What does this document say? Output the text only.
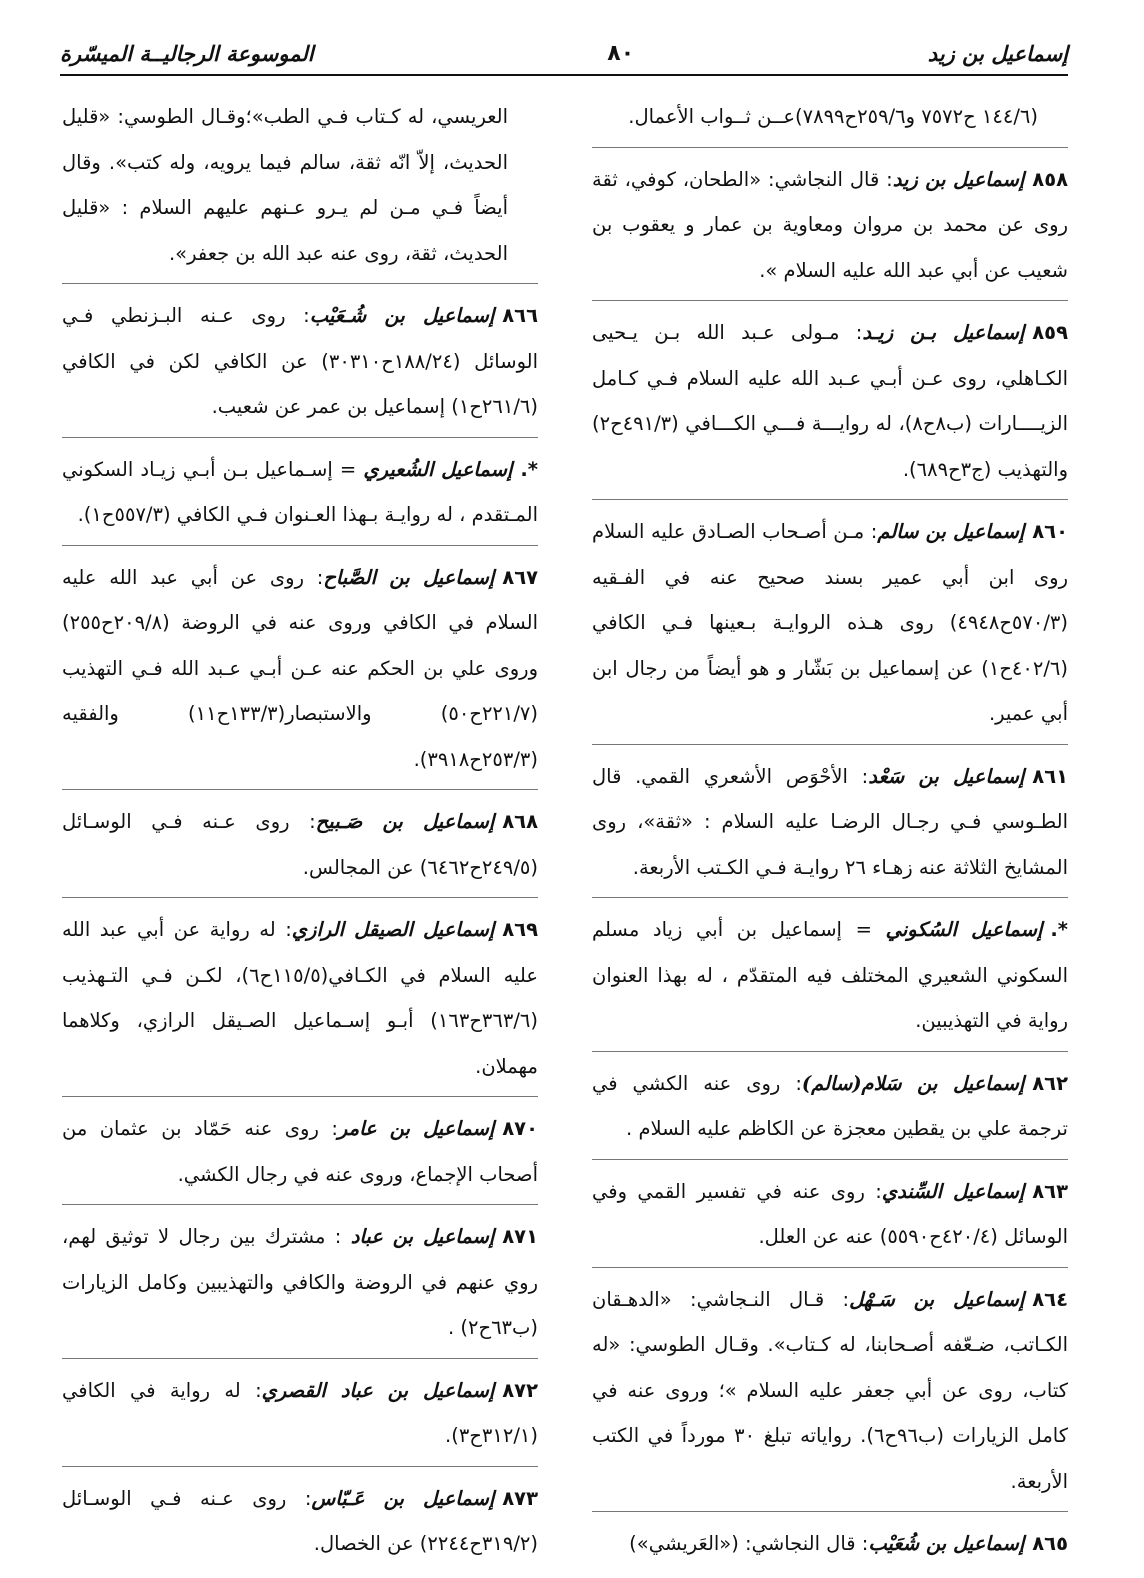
إسماعيل بن زيد
٨٠
الموسوعة الرجاليــة الميسّرة
(١٤٤/٦ ح٧٥٧٢ و٢٥٩/٦ح٧٨٩٩)عــن ثــواب الأعمال.
٨٥٨إسماعيل بن زيد: قال النجاشي: «الطحان، كوفي، ثقة روى عن محمد بن مروان ومعاوية بن عمار و يعقوب بن شعيب عن أبي عبد الله عليه السلام ».
٨٥٩إسماعيل بـن زيـد: مـولى عـبد الله بـن يـحيى الكـاهلي، روى عـن أبـي عـبد الله عليه السلام فـي كـامل الزيــــارات (ب٨ح٨)، له روايـــة فـــي الكـــافي (٤٩١/٣ح٢) والتهذيب (ج٣ح٦٨٩).
٨٦٠إسماعيل بن سالم: مـن أصـحاب الصـادق عليه السلام روى ابن أبي عمير بسند صحيح عنه في الفـقيه (٥٧٠/٣ح٤٩٤٨) روى هـذه الروايـة بـعينها فـي الكافي (٤٠٢/٦ح١) عن إسماعيل بن بَشّار و هو أيضاً من رجال ابن أبي عمير.
٨٦١إسماعيل بن سَعْد: الأحْوَص الأشعري القمي. قال الطـوسي فـي رجـال الرضـا عليه السلام : «ثقة»، روى المشايخ الثلاثة عنه زهـاء ٢٦ روايـة فـي الكـتب الأربعة.
*.إسماعيل السُكوني = إسماعيل بن أبي زياد مسلم السكوني الشعيري المختلف فيه المتقدّم ، له بهذا العنوان رواية في التهذيبين.
٨٦٢إسماعيل بن سَلام(سالم): روى عنه الكشي في ترجمة علي بن يقطين معجزة عن الكاظم عليه السلام .
٨٦٣إسماعيل السِّندي: روى عنه في تفسير القمي وفي الوسائل (٤٢٠/٤ح٥٥٩٠) عنه عن العلل.
٨٦٤إسماعيل بن سَـهْل: قـال النـجاشي: «الدهـقان الكـاتب، ضـعّفه أصـحابنا، له كـتاب». وقـال الطوسي: «له كتاب، روى عن أبي جعفر عليه السلام »؛ وروى عنه في كامل الزيارات (ب٩٦ح٦). رواياته تبلغ ٣٠ مورداً في الكتب الأربعة.
٨٦٥إسماعيل بن شُعَيْب: قال النجاشي: («العَريشي»)
العريسي، له كـتاب فـي الطب»؛وقـال الطوسي: «قليل الحديث، إلاّ انّه ثقة، سالم فيما يرويه، وله كتب». وقال أيضاً فـي مـن لم يـرو عـنهم عليهم السلام : «قليل الحديث، ثقة، روى عنه عبد الله بن جعفر».
٨٦٦إسماعيل بن شُـعَيْب: روى عـنه البـزنطي فـي الوسائل (١٨٨/٢٤ح٣٠٣١٠) عن الكافي لكن في الكافي (٢٦١/٦ح١) إسماعيل بن عمر عن شعيب.
*.إسماعيل الشُعيري = إسـماعيل بـن أبـي زيـاد السكوني المـتقدم ، له روايـة بـهذا العـنوان فـي الكافي (٥٥٧/٣ح١).
٨٦٧إسماعيل بن الصَّباح: روى عن أبي عبد الله عليه السلام في الكافي وروى عنه في الروضة (٢٠٩/٨ح٢٥٥) وروى علي بن الحكم عنه عـن أبـي عـبد الله فـي التهذيب (٢٢١/٧ح٥٠) والاستبصار(١٣٣/٣ح١١) والفقيه (٢٥٣/٣ح٣٩١٨).
٨٦٨إسماعيل بن صَـبيح: روى عـنه فـي الوسـائل (٢٤٩/٥ح٦٤٦٢) عن المجالس.
٨٦٩إسماعيل الصيقل الرازي: له رواية عن أبي عبد الله عليه السلام في الكـافي(١١٥/٥ح٦)، لكـن فـي التـهذيب (٣٦٣/٦ح١٦٣) أبـو إسـماعيل الصـيقل الرازي، وكلاهما مهملان.
٨٧٠إسماعيل بن عامر: روى عنه حَمّاد بن عثمان من أصحاب الإجماع، وروى عنه في رجال الكشي.
٨٧١إسماعيل بن عباد : مشترك بين رجال لا توثيق لهم، روي عنهم في الروضة والكافي والتهذيبين وكامل الزيارات (ب٦٣ح٢) .
٨٧٢إسماعيل بن عباد القصري: له رواية في الكافي (٣١٢/١ح٣).
٨٧٣إسماعيل بن عَـبّاس: روى عـنه فـي الوسـائل (٣١٩/٢ح٢٢٤٤) عن الخصال.
